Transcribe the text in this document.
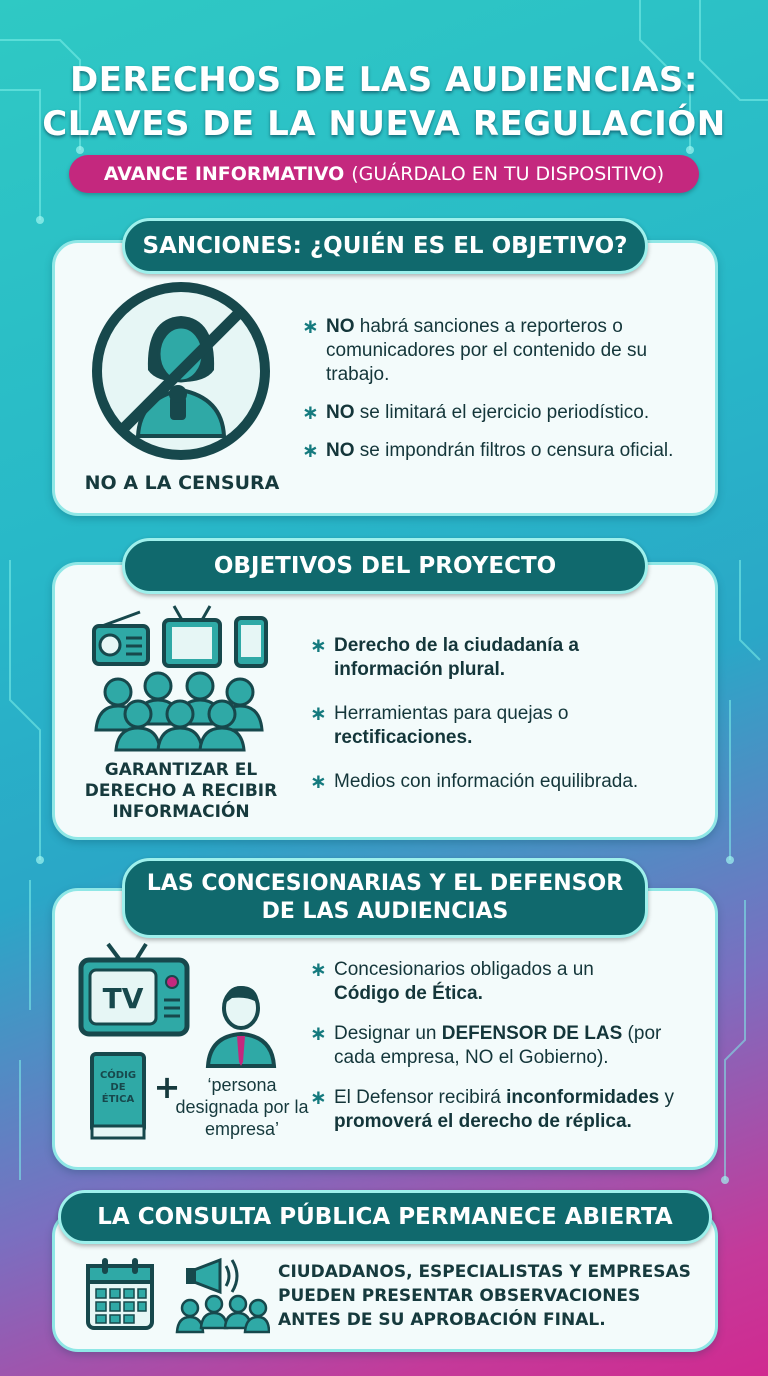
DERECHOS DE LAS AUDIENCIAS:
CLAVES DE LA NUEVA REGULACIÓN
AVANCE INFORMATIVO (GUÁRDALO EN TU DISPOSITIVO)
SANCIONES: ¿QUIÉN ES EL OBJETIVO?
NO A LA CENSURA
∗ NO habrá sanciones a reporteros o comunicadores por el contenido de su trabajo.
∗ NO se limitará el ejercicio periodístico.
∗ NO se impondrán filtros o censura oficial.
OBJETIVOS DEL PROYECTO
GARANTIZAR EL DERECHO A RECIBIR INFORMACIÓN
∗ Derecho de la ciudadanía a información plural.
∗ Herramientas para quejas o rectificaciones.
∗ Medios con información equilibrada.
LAS CONCESIONARIAS Y EL DEFENSOR
DE LAS AUDIENCIAS
TV
CÓDIG
DE
ÉTICA +	‘persona designada por la empresa’
∗ Concesionarios obligados a un Código de Ética.
∗ Designar un DEFENSOR DE LAS (por cada empresa, NO el Gobierno).
∗ El Defensor recibirá inconformidades y promoverá el derecho de réplica.
LA CONSULTA PÚBLICA PERMANECE ABIERTA
CIUDADANOS, ESPECIALISTAS Y EMPRESAS
PUEDEN PRESENTAR OBSERVACIONES
ANTES DE SU APROBACIÓN FINAL.
